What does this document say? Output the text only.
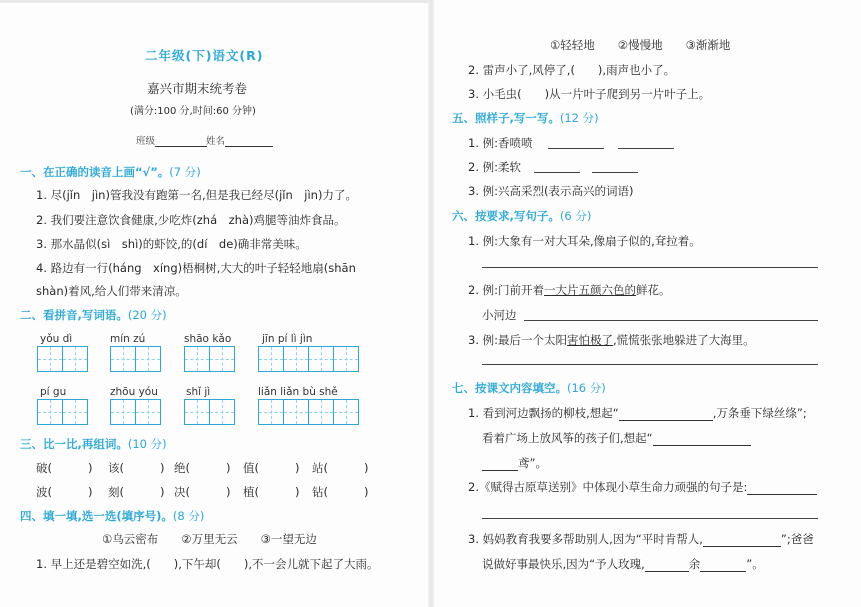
二年级(下)语文(R)
嘉兴市期末统考卷
(满分:100 分,时间:60 分钟)
班级	姓名
一、在正确的读音上画“√”。(7 分)
1. 尽(jǐn　jìn)管我没有跑第一名,但是我已经尽(jǐn　jìn)力了。
2. 我们要注意饮食健康,少吃炸(zhá　zhà)鸡腿等油炸食品。
3. 那水晶似(sì　shì)的虾饺,的(dí　de)确非常美味。
4. 路边有一行(háng　xíng)梧桐树,大大的叶子轻轻地扇(shān
shàn)着风,给人们带来清凉。
二、看拼音,写词语。(20 分)
yǒu dì	mín zú	shāo kǎo	jīn pí lì jìn
pí gu	zhōu yóu	shǐ jì	liǎn liǎn bù shě
三、比一比,再组词。(10 分)
破(	) 该(	) 绝(	) 值(	) 站(	)
波(	) 刻(	) 决(	) 植(	) 钻(	)
四、填一填,选一选(填序号)。(8 分)
①乌云密布　　②万里无云　　③一望无边
1. 早上还是碧空如洗,(　　),下午却(　　),不一会儿就下起了大雨。
①轻轻地　　②慢慢地　　③渐渐地
2. 雷声小了,风停了,(　　),雨声也小了。
3. 小毛虫(　　)从一片叶子爬到另一片叶子上。
五、照样子,写一写。(12 分)
1. 例:香喷喷
2. 例:柔软
3. 例:兴高采烈(表示高兴的词语)
六、按要求,写句子。(6 分)
1. 例:大象有一对大耳朵,像扇子似的,耷拉着。
2. 例:门前开着一大片五颜六色的鲜花。
小河边
3. 例:最后一个太阳害怕极了,慌慌张张地躲进了大海里。
七、按课文内容填空。(16 分)
1. 看到河边飘扬的柳枝,想起“	,万条垂下绿丝绦”;
看着广场上放风筝的孩子们,想起“
鸢”。
2.《赋得古原草送别》中体现小草生命力顽强的句子是:
3. 妈妈教育我要多帮助别人,因为“平时肯帮人,	”;爸爸
说做好事最快乐,因为“予人玫瑰,	余	”。
